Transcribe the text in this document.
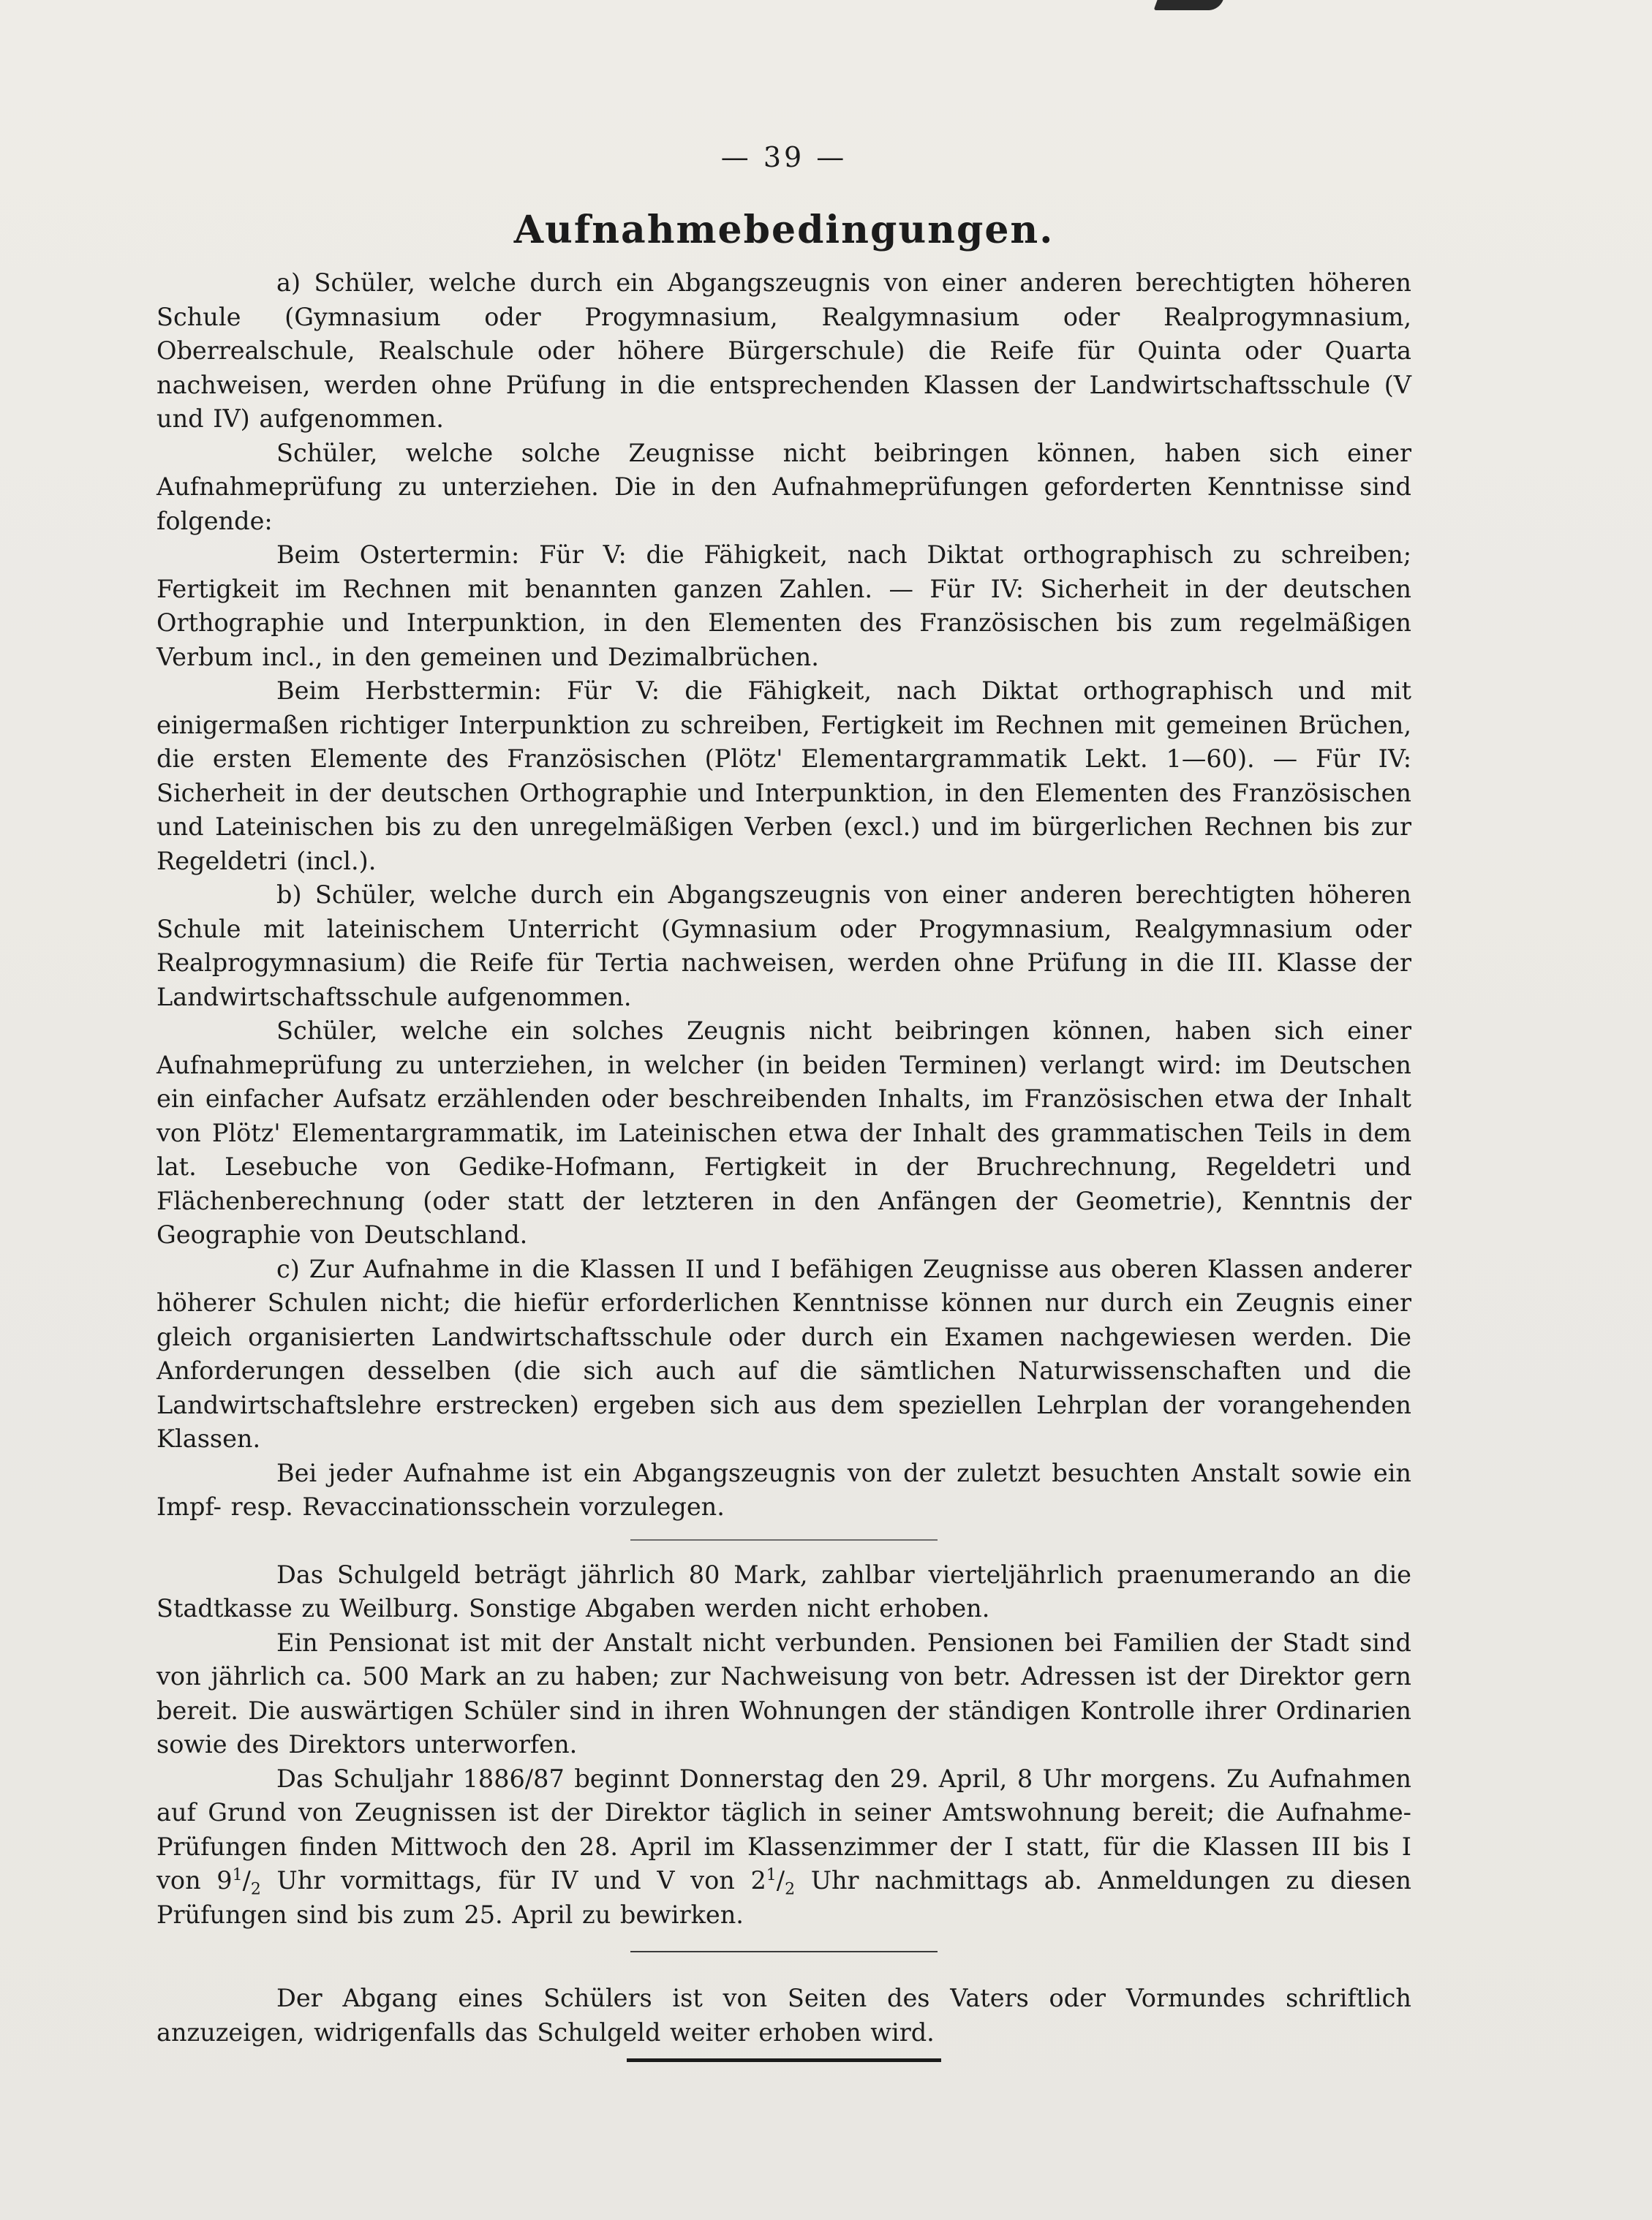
— 39 —
Aufnahmebedingungen.

a) Schüler, welche durch ein Abgangszeugnis von einer anderen berechtigten höheren Schule (Gymnasium oder Progymnasium, Realgymnasium oder Realprogymnasium, Oberrealschule, Realschule oder höhere Bürgerschule) die Reife für Quinta oder Quarta nachweisen, werden ohne Prüfung in die entsprechenden Klassen der Landwirtschaftsschule (V und IV) aufgenommen.

Schüler, welche solche Zeugnisse nicht beibringen können, haben sich einer Aufnahmeprüfung zu unterziehen. Die in den Aufnahmeprüfungen geforderten Kenntnisse sind folgende:

Beim Ostertermin: Für V: die Fähigkeit, nach Diktat orthographisch zu schreiben; Fertigkeit im Rechnen mit benannten ganzen Zahlen. — Für IV: Sicherheit in der deutschen Orthographie und Interpunktion, in den Elementen des Französischen bis zum regelmäßigen Verbum incl., in den gemeinen und Dezimalbrüchen.

Beim Herbsttermin: Für V: die Fähigkeit, nach Diktat orthographisch und mit einigermaßen richtiger Interpunktion zu schreiben, Fertigkeit im Rechnen mit gemeinen Brüchen, die ersten Elemente des Französischen (Plötz' Elementargrammatik Lekt. 1—60). — Für IV: Sicherheit in der deutschen Orthographie und Interpunktion, in den Elementen des Französischen und Lateinischen bis zu den unregelmäßigen Verben (excl.) und im bürgerlichen Rechnen bis zur Regeldetri (incl.).

b) Schüler, welche durch ein Abgangszeugnis von einer anderen berechtigten höheren Schule mit lateinischem Unterricht (Gymnasium oder Progymnasium, Realgymnasium oder Realprogymnasium) die Reife für Tertia nachweisen, werden ohne Prüfung in die III. Klasse der Landwirtschaftsschule aufgenommen.

Schüler, welche ein solches Zeugnis nicht beibringen können, haben sich einer Aufnahmeprüfung zu unterziehen, in welcher (in beiden Terminen) verlangt wird: im Deutschen ein einfacher Aufsatz erzählenden oder beschreibenden Inhalts, im Französischen etwa der Inhalt von Plötz' Elementargrammatik, im Lateinischen etwa der Inhalt des grammatischen Teils in dem lat. Lesebuche von Gedike-Hofmann, Fertigkeit in der Bruchrechnung, Regeldetri und Flächenberechnung (oder statt der letzteren in den Anfängen der Geometrie), Kenntnis der Geographie von Deutschland.

c) Zur Aufnahme in die Klassen II und I befähigen Zeugnisse aus oberen Klassen anderer höherer Schulen nicht; die hiefür erforderlichen Kenntnisse können nur durch ein Zeugnis einer gleich organisierten Landwirtschaftsschule oder durch ein Examen nachgewiesen werden. Die Anforderungen desselben (die sich auch auf die sämtlichen Naturwissenschaften und die Landwirtschaftslehre erstrecken) ergeben sich aus dem speziellen Lehrplan der vorangehenden Klassen.

Bei jeder Aufnahme ist ein Abgangszeugnis von der zuletzt besuchten Anstalt sowie ein Impf- resp. Revaccinationsschein vorzulegen.

Das Schulgeld beträgt jährlich 80 Mark, zahlbar vierteljährlich praenumerando an die Stadtkasse zu Weilburg. Sonstige Abgaben werden nicht erhoben.

Ein Pensionat ist mit der Anstalt nicht verbunden. Pensionen bei Familien der Stadt sind von jährlich ca. 500 Mark an zu haben; zur Nachweisung von betr. Adressen ist der Direktor gern bereit. Die auswärtigen Schüler sind in ihren Wohnungen der ständigen Kontrolle ihrer Ordinarien sowie des Direktors unterworfen.

Das Schuljahr 1886/87 beginnt Donnerstag den 29. April, 8 Uhr morgens. Zu Aufnahmen auf Grund von Zeugnissen ist der Direktor täglich in seiner Amtswohnung bereit; die Aufnahme-Prüfungen finden Mittwoch den 28. April im Klassenzimmer der I statt, für die Klassen III bis I von $9^1/_2$ Uhr vormittags, für IV und V von $2^1/_2$ Uhr nachmittags ab. Anmeldungen zu diesen Prüfungen sind bis zum 25. April zu bewirken.

Der Abgang eines Schülers ist von Seiten des Vaters oder Vormundes schriftlich anzuzeigen, widrigenfalls das Schulgeld weiter erhoben wird.
